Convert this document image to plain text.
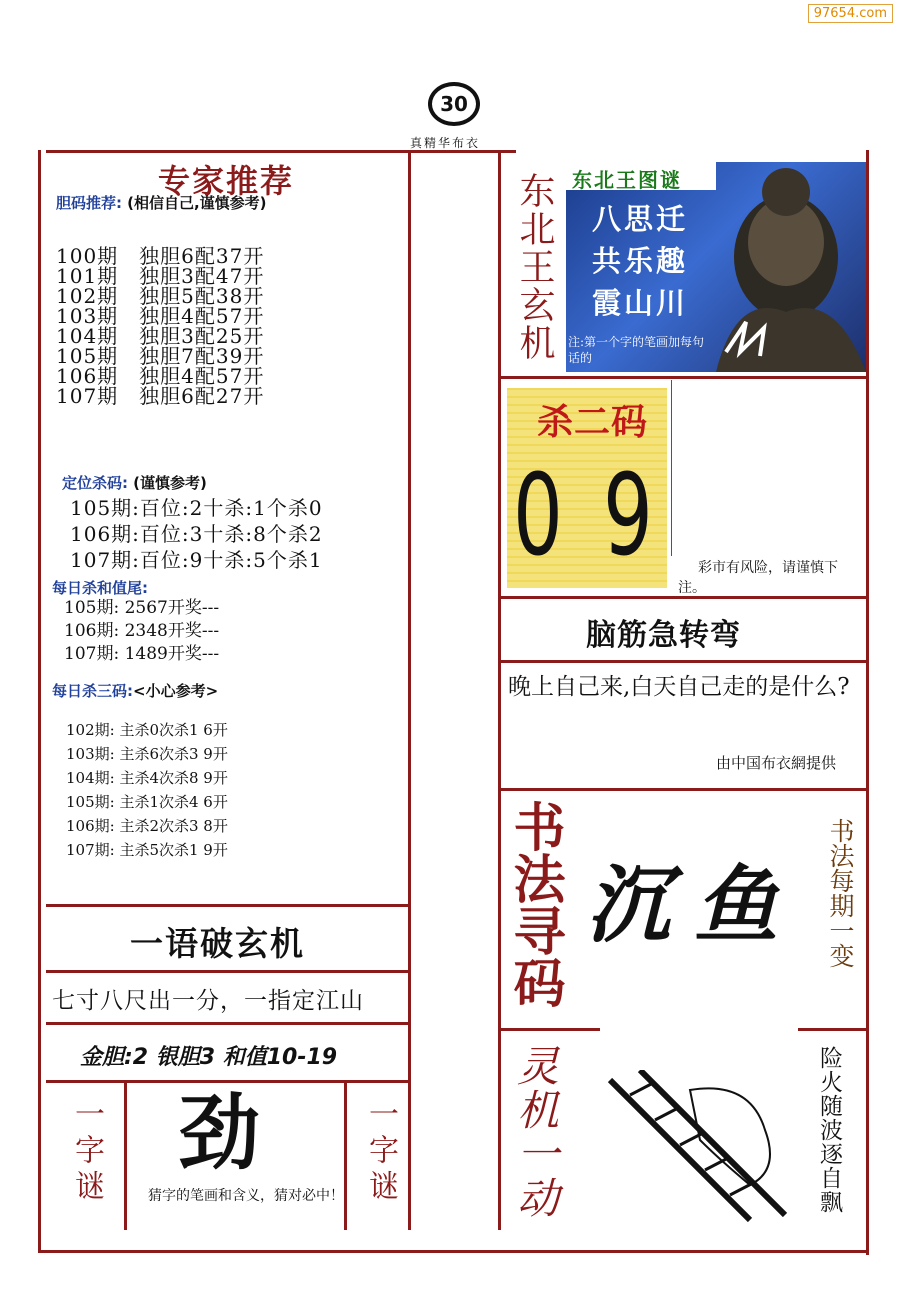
97654.com
30
真精华布衣
专家推荐
胆码推荐: (相信自己,谨慎参考)
100期　独胆6配37开
101期　独胆3配47开
102期　独胆5配38开
103期　独胆4配57开
104期　独胆3配25开
105期　独胆7配39开
106期　独胆4配57开
107期　独胆6配27开
定位杀码: (谨慎参考)
105期:百位:2十杀:1个杀0
106期:百位:3十杀:8个杀2
107期:百位:9十杀:5个杀1
每日杀和值尾:
105期: 2567开奖---
106期: 2348开奖---
107期: 1489开奖---
每日杀三码:<小心参考>
102期: 主杀0次杀1 6开
103期: 主杀6次杀3 9开
104期: 主杀4次杀8 9开
105期: 主杀1次杀4 6开
106期: 主杀2次杀3 8开
107期: 主杀5次杀1 9开
一语破玄机
七寸八尺出一分，一指定江山
金胆:2 银胆3 和值10-19
一字谜	一字谜
劲
猜字的笔画和含义，猜对必中！
东北王玄机 东北王图谜
八思迁
共乐趣
霞山川
注:第一个字的笔画加每句话的
杀二码
0 9	彩市有风险，请谨慎下注。
脑筋急转弯
晚上自己来,白天自己走的是什么?
由中国布衣網提供
书法寻码 沉鱼 书法每期一变
灵机一动	险火随波逐自飘
